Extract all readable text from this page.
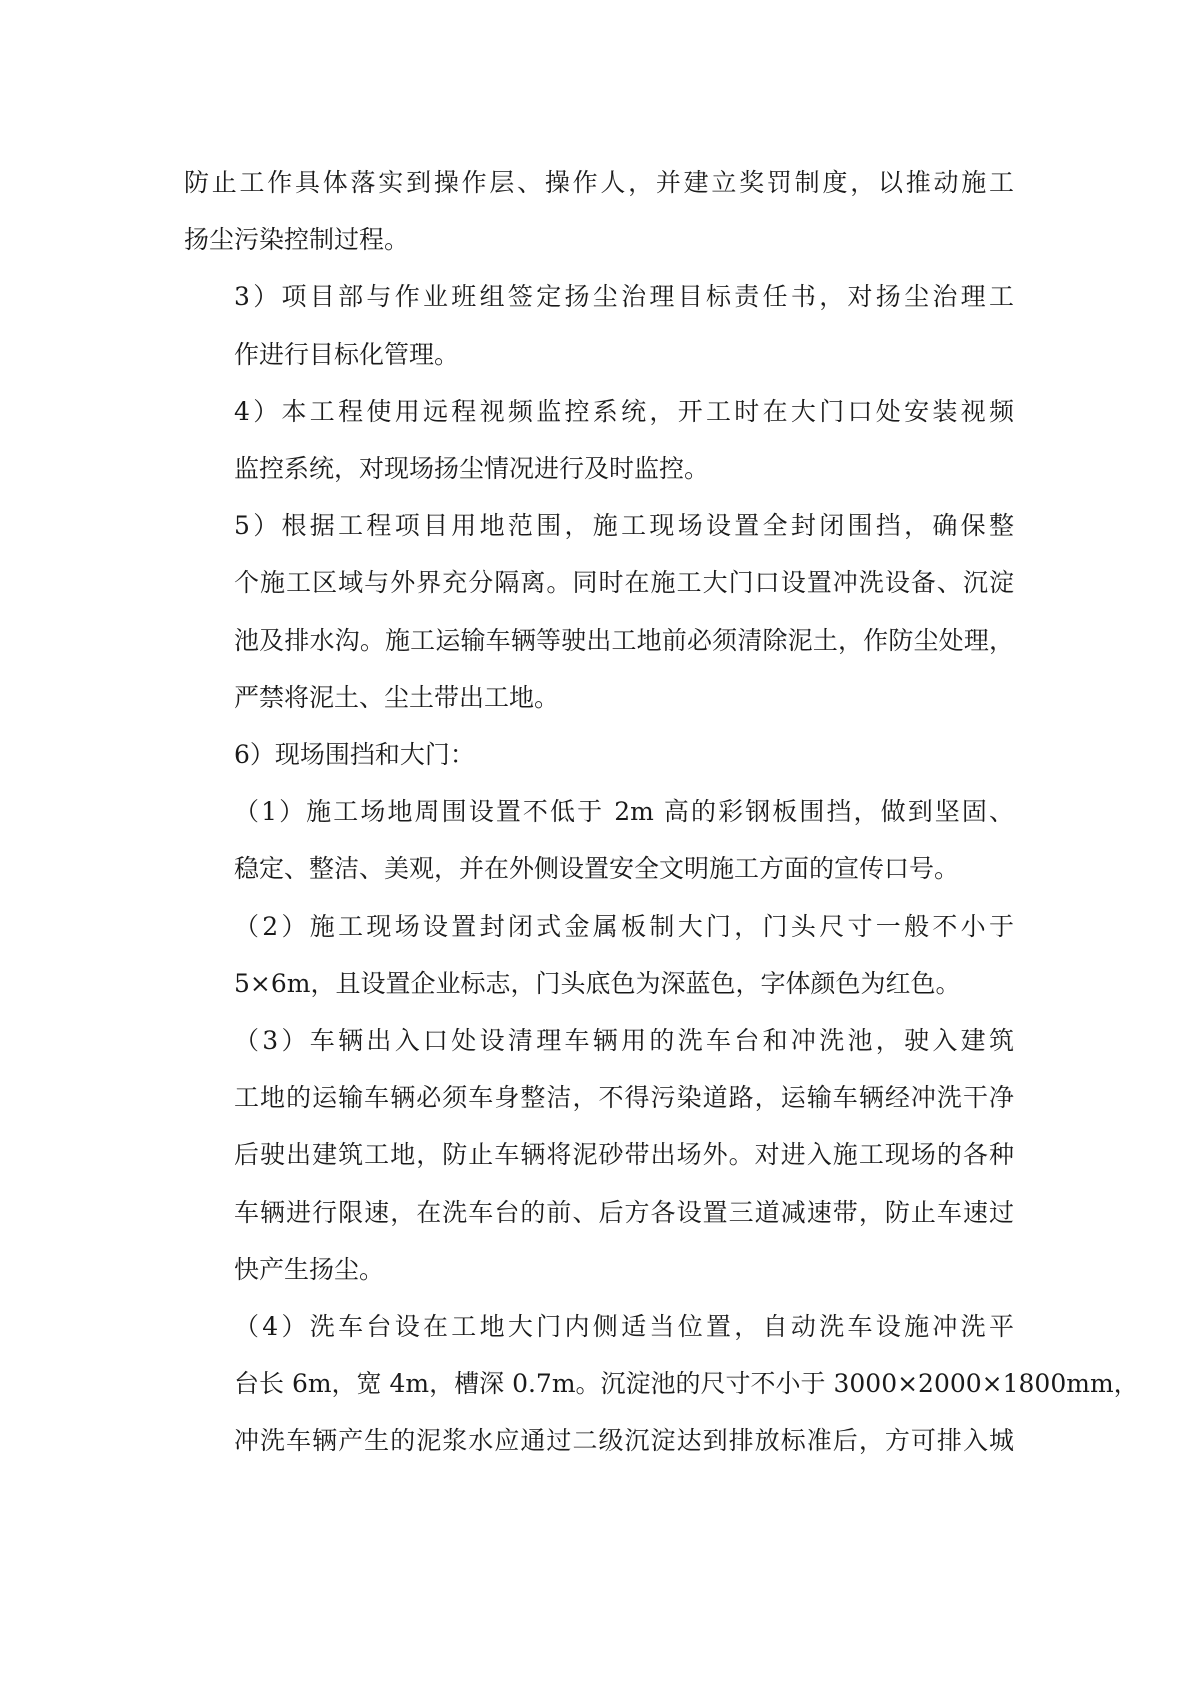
防止工作具体落实到操作层、操作人，并建立奖罚制度，以推动施工
扬尘污染控制过程。

3）项目部与作业班组签定扬尘治理目标责任书，对扬尘治理工
作进行目标化管理。

4）本工程使用远程视频监控系统，开工时在大门口处安装视频
监控系统，对现场扬尘情况进行及时监控。

5）根据工程项目用地范围，施工现场设置全封闭围挡，确保整
个施工区域与外界充分隔离。同时在施工大门口设置冲洗设备、沉淀
池及排水沟。施工运输车辆等驶出工地前必须清除泥土，作防尘处理，
严禁将泥土、尘土带出工地。

6）现场围挡和大门：

（1）施工场地周围设置不低于 2m 高的彩钢板围挡，做到坚固、
稳定、整洁、美观，并在外侧设置安全文明施工方面的宣传口号。

（2）施工现场设置封闭式金属板制大门，门头尺寸一般不小于
5×6m，且设置企业标志，门头底色为深蓝色，字体颜色为红色。

（3）车辆出入口处设清理车辆用的洗车台和冲洗池，驶入建筑
工地的运输车辆必须车身整洁，不得污染道路，运输车辆经冲洗干净
后驶出建筑工地，防止车辆将泥砂带出场外。对进入施工现场的各种
车辆进行限速，在洗车台的前、后方各设置三道减速带，防止车速过
快产生扬尘。

（4）洗车台设在工地大门内侧适当位置，自动洗车设施冲洗平
台长 6m，宽 4m，槽深 0.7m。沉淀池的尺寸不小于 3000×2000×1800mm，
冲洗车辆产生的泥浆水应通过二级沉淀达到排放标准后，方可排入城
